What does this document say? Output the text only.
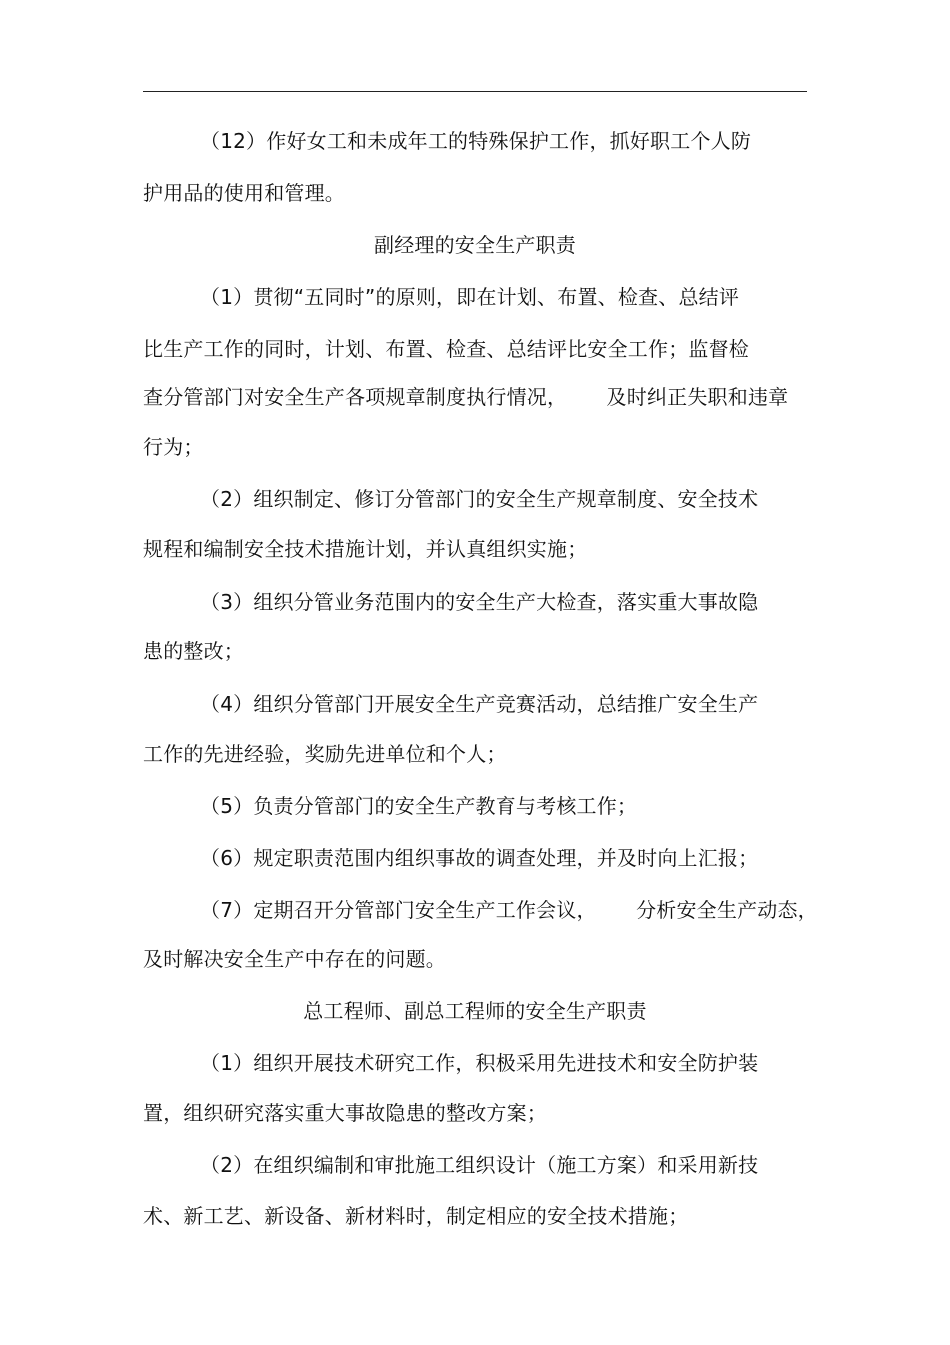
（12）作好女工和未成年工的特殊保护工作，抓好职工个人防
护用品的使用和管理。
副经理的安全生产职责
（1）贯彻“五同时”的原则，即在计划、布置、检查、总结评
比生产工作的同时，计划、布置、检查、总结评比安全工作；监督检
查分管部门对安全生产各项规章制度执行情况，      及时纠正失职和违章
行为；
（2）组织制定、修订分管部门的安全生产规章制度、安全技术
规程和编制安全技术措施计划，并认真组织实施；
（3）组织分管业务范围内的安全生产大检查，落实重大事故隐
患的整改；
（4）组织分管部门开展安全生产竞赛活动，总结推广安全生产
工作的先进经验，奖励先进单位和个人；
（5）负责分管部门的安全生产教育与考核工作；
（6）规定职责范围内组织事故的调查处理，并及时向上汇报；
（7）定期召开分管部门安全生产工作会议，      分析安全生产动态，
及时解决安全生产中存在的问题。
总工程师、副总工程师的安全生产职责
（1）组织开展技术研究工作，积极采用先进技术和安全防护装
置，组织研究落实重大事故隐患的整改方案；
（2）在组织编制和审批施工组织设计（施工方案）和采用新技
术、新工艺、新设备、新材料时，制定相应的安全技术措施；
